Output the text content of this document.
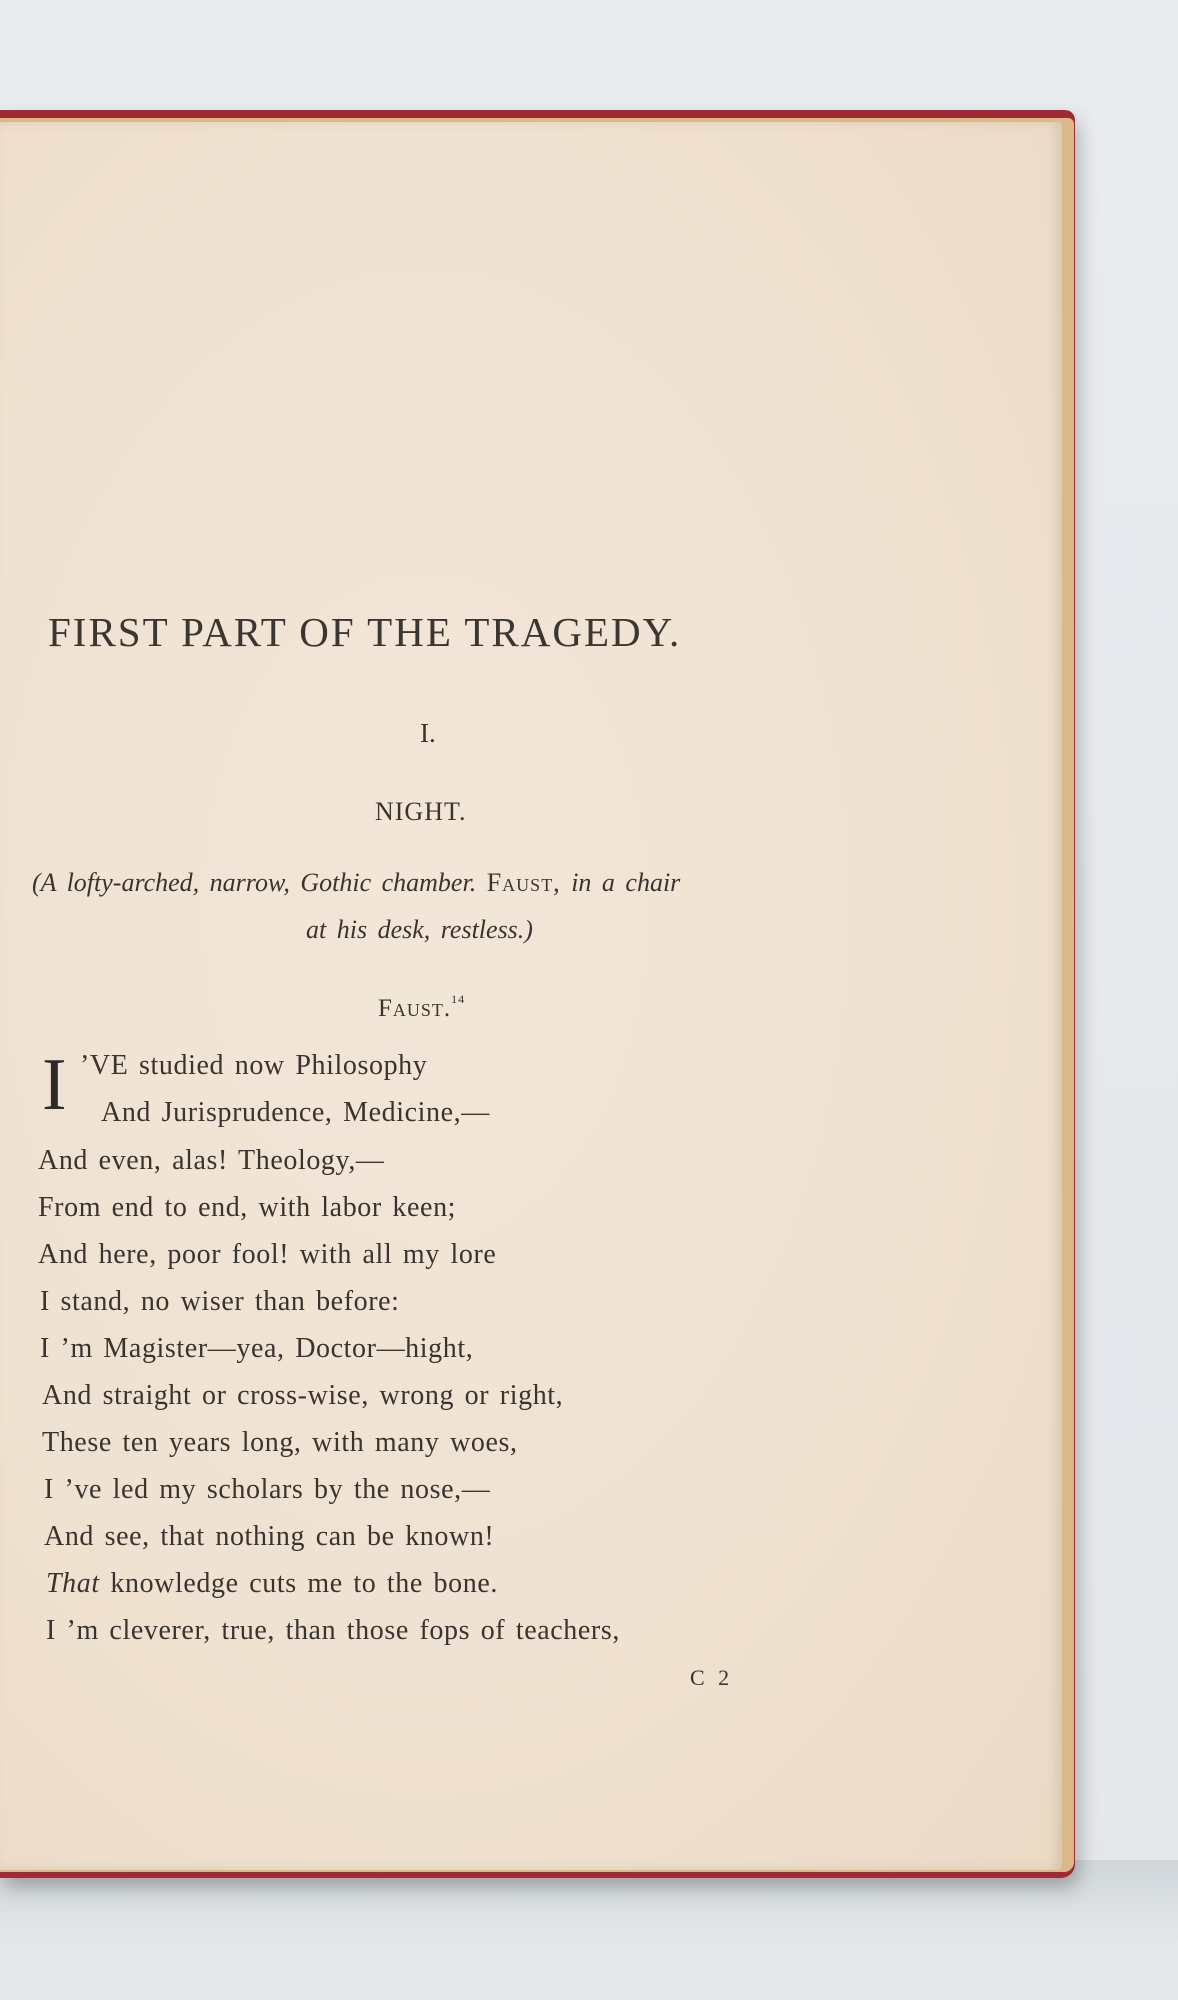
FIRST PART OF THE TRAGEDY.
I.
NIGHT.
(A lofty-arched, narrow, Gothic chamber. Faust, in a chair
at his desk, restless.)
Faust.$^{14}$
I ’VE studied now Philosophy
And Jurisprudence, Medicine,—
And even, alas! Theology,—
From end to end, with labor keen;
And here, poor fool! with all my lore
I stand, no wiser than before:
I ’m Magister—yea, Doctor—hight,
And straight or cross-wise, wrong or right,
These ten years long, with many woes,
I ’ve led my scholars by the nose,—
And see, that nothing can be known!
That knowledge cuts me to the bone.
I ’m cleverer, true, than those fops of teachers,
C 2
